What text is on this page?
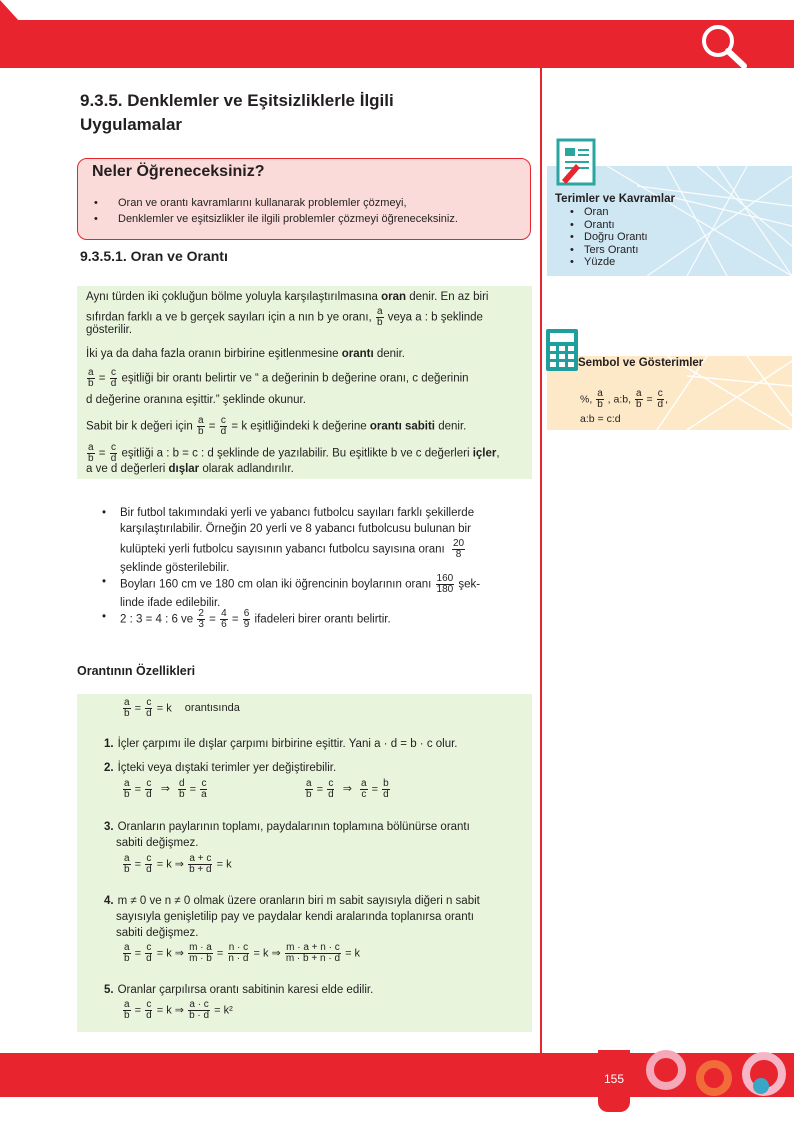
9.3.5. Denklemler ve Eşitsizliklerle İlgili
Uygulamalar
Neler Öğreneceksiniz?
• Oran ve orantı kavramlarını kullanarak problemler çözmeyi,
• Denklemler ve eşitsizlikler ile ilgili problemler çözmeyi öğreneceksiniz.
9.3.5.1. Oran ve Orantı
Aynı türden iki çokluğun bölme yoluyla karşılaştırılmasına oran denir. En az biri
sıfırdan farklı a ve b gerçek sayıları için a nın b ye oranı, $\frac{a}{b}$ veya a : b şeklinde
gösterilir.
İki ya da daha fazla oranın birbirine eşitlenmesine orantı denir.
$\frac{a}{b} = \frac{c}{d}$ eşitliği bir orantı belirtir ve “ a değerinin b değerine oranı, c değerinin
d değerine oranına eşittir.” şeklinde okunur.
Sabit bir k değeri için $\frac{a}{b} = \frac{c}{d} = k$ eşitliğindeki k değerine orantı sabiti denir.
$\frac{a}{b} = \frac{c}{d}$ eşitliği a : b = c : d şeklinde de yazılabilir. Bu eşitlikte b ve c değerleri içler,
a ve d değerleri dışlar olarak adlandırılır.
• Bir futbol takımındaki yerli ve yabancı futbolcu sayıları farklı şekillerde
karşılaştırılabilir. Örneğin 20 yerli ve 8 yabancı futbolcusu bulunan bir
kulüpteki yerli futbolcu sayısının yabancı futbolcu sayısına oranı $\frac{20}{8}$
şeklinde gösterilebilir.
• Boyları 160 cm ve 180 cm olan iki öğrencinin boylarının oranı $\frac{160}{180}$ şek-
linde ifade edilebilir.
• 2 : 3 = 4 : 6 ve $\frac{2}{3} = \frac{4}{6} = \frac{6}{9}$ ifadeleri birer orantı belirtir.
Orantının Özellikleri
$\frac{a}{b} = \frac{c}{d} = k$ orantısında
1. İçler çarpımı ile dışlar çarpımı birbirine eşittir. Yani a · d = b · c olur.
2. İçteki veya dıştaki terimler yer değiştirebilir.
$\frac{a}{b} = \frac{c}{d}$ ⇒ $\frac{d}{b} = \frac{c}{a}$	$\frac{a}{b} = \frac{c}{d}$ ⇒ $\frac{a}{c} = \frac{b}{d}$
3. Oranların paylarının toplamı, paydalarının toplamına bölünürse orantı
sabiti değişmez.
$\frac{a}{b} = \frac{c}{d} = k$ ⇒ $\frac{a + c}{b + d} = k$
4. m ≠ 0 ve n ≠ 0 olmak üzere oranların biri m sabit sayısıyla diğeri n sabit
sayısıyla genişletilip pay ve paydalar kendi aralarında toplanırsa orantı
sabiti değişmez.
$\frac{a}{b} = \frac{c}{d} = k$ ⇒ $\frac{m \cdot a}{m \cdot b} = \frac{n \cdot c}{n \cdot d} = k$ ⇒ $\frac{m \cdot a + n \cdot c}{m \cdot b + n \cdot d} = k$
5. Oranlar çarpılırsa orantı sabitinin karesi elde edilir.
$\frac{a}{b} = \frac{c}{d} = k$ ⇒ $\frac{a \cdot c}{b \cdot d} = k^2$
Terimler ve Kavramlar
• Oran
• Orantı
• Doğru Orantı
• Ters Orantı
• Yüzde
Sembol ve Gösterimler
%, $\frac{a}{b}$ , a:b, $\frac{a}{b} = \frac{c}{d}$ ,
a:b = c:d
155
